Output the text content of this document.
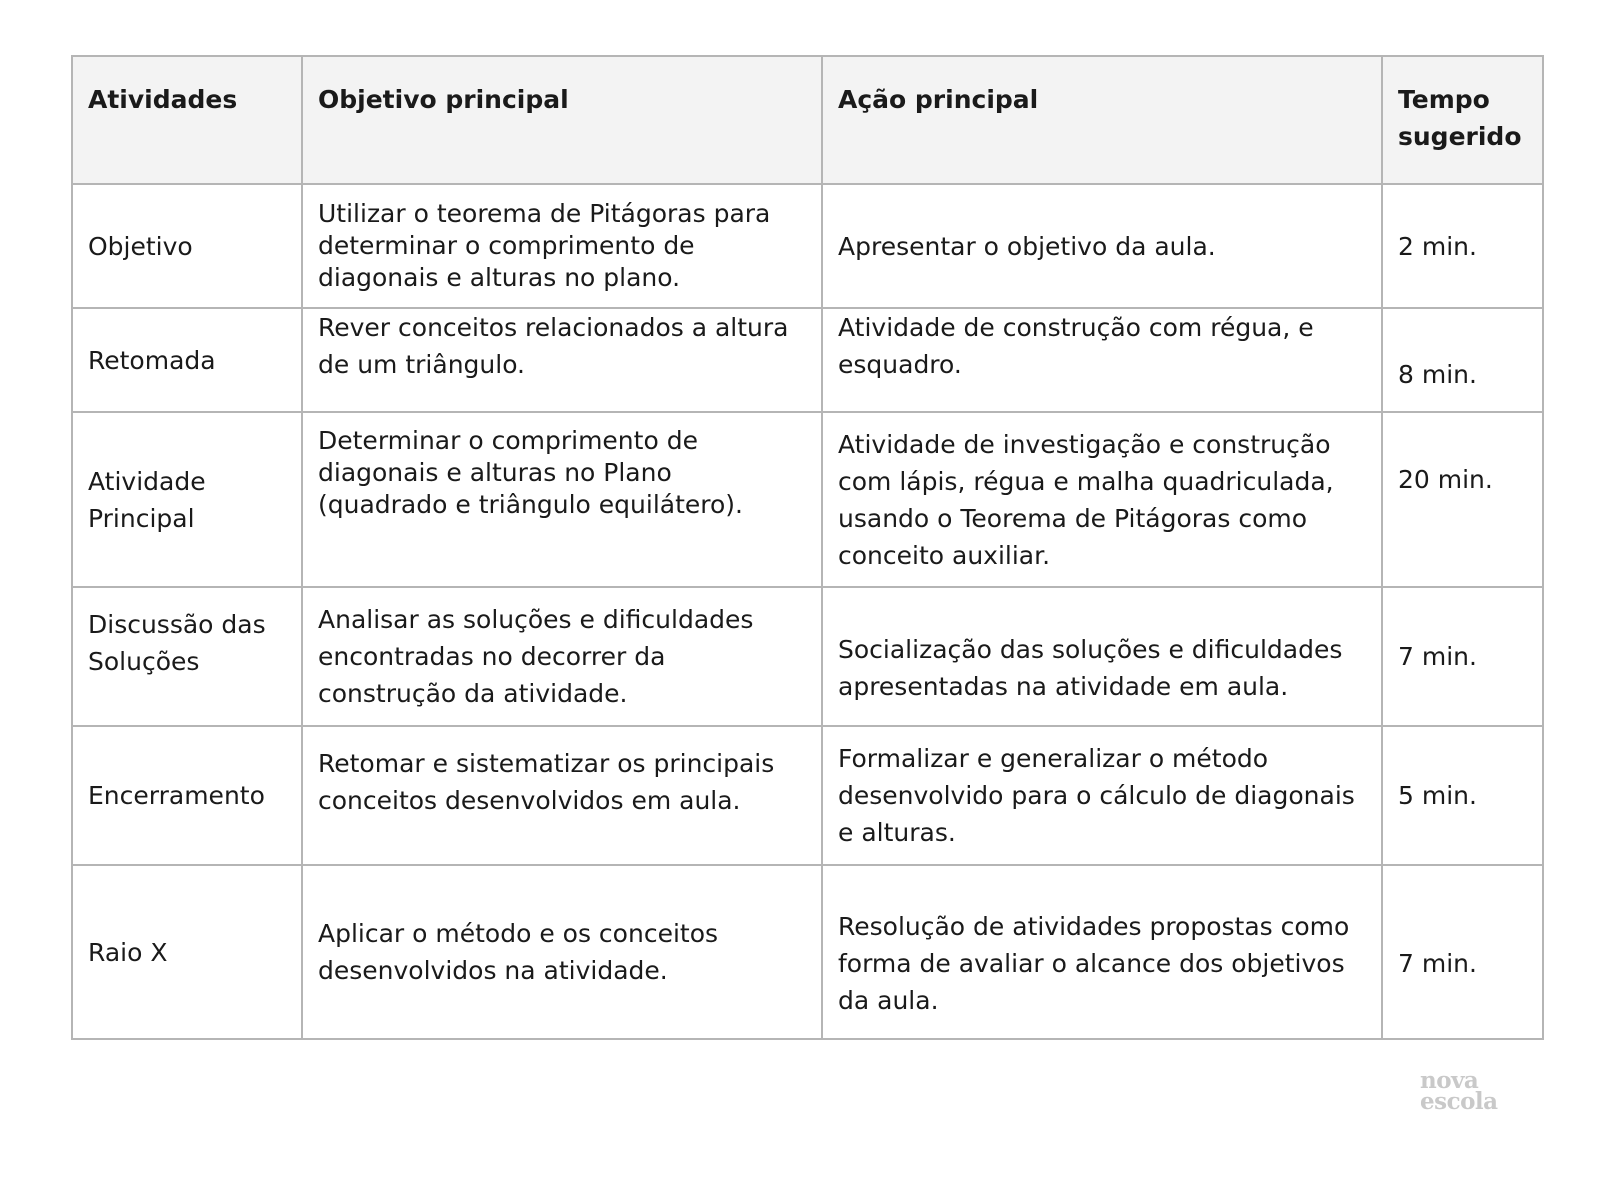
Atividades	Objetivo principal	Ação principal	Tempo sugerido
Objetivo	Utilizar o teorema de Pitágoras para determinar o comprimento de diagonais e alturas no plano.	Apresentar o objetivo da aula.	2 min.
Retomada	Rever conceitos relacionados a altura de um triângulo.	Atividade de construção com régua, e esquadro.	8 min.
Atividade Principal	Determinar o comprimento de diagonais e alturas no Plano (quadrado e triângulo equilátero).	Atividade de investigação e construção com lápis, régua e malha quadriculada, usando o Teorema de Pitágoras como conceito auxiliar.	20 min.
Discussão das Soluções	Analisar as soluções e dificuldades encontradas no decorrer da construção da atividade.	Socialização das soluções e dificuldades apresentadas na atividade em aula.	7 min.
Encerramento	Retomar e sistematizar os principais conceitos desenvolvidos em aula.	Formalizar e generalizar o método desenvolvido para o cálculo de diagonais e alturas.	5 min.
Raio X	Aplicar o método e os conceitos desenvolvidos na atividade.	Resolução de atividades propostas como forma de avaliar o alcance dos objetivos da aula.	7 min.
nova
escola
